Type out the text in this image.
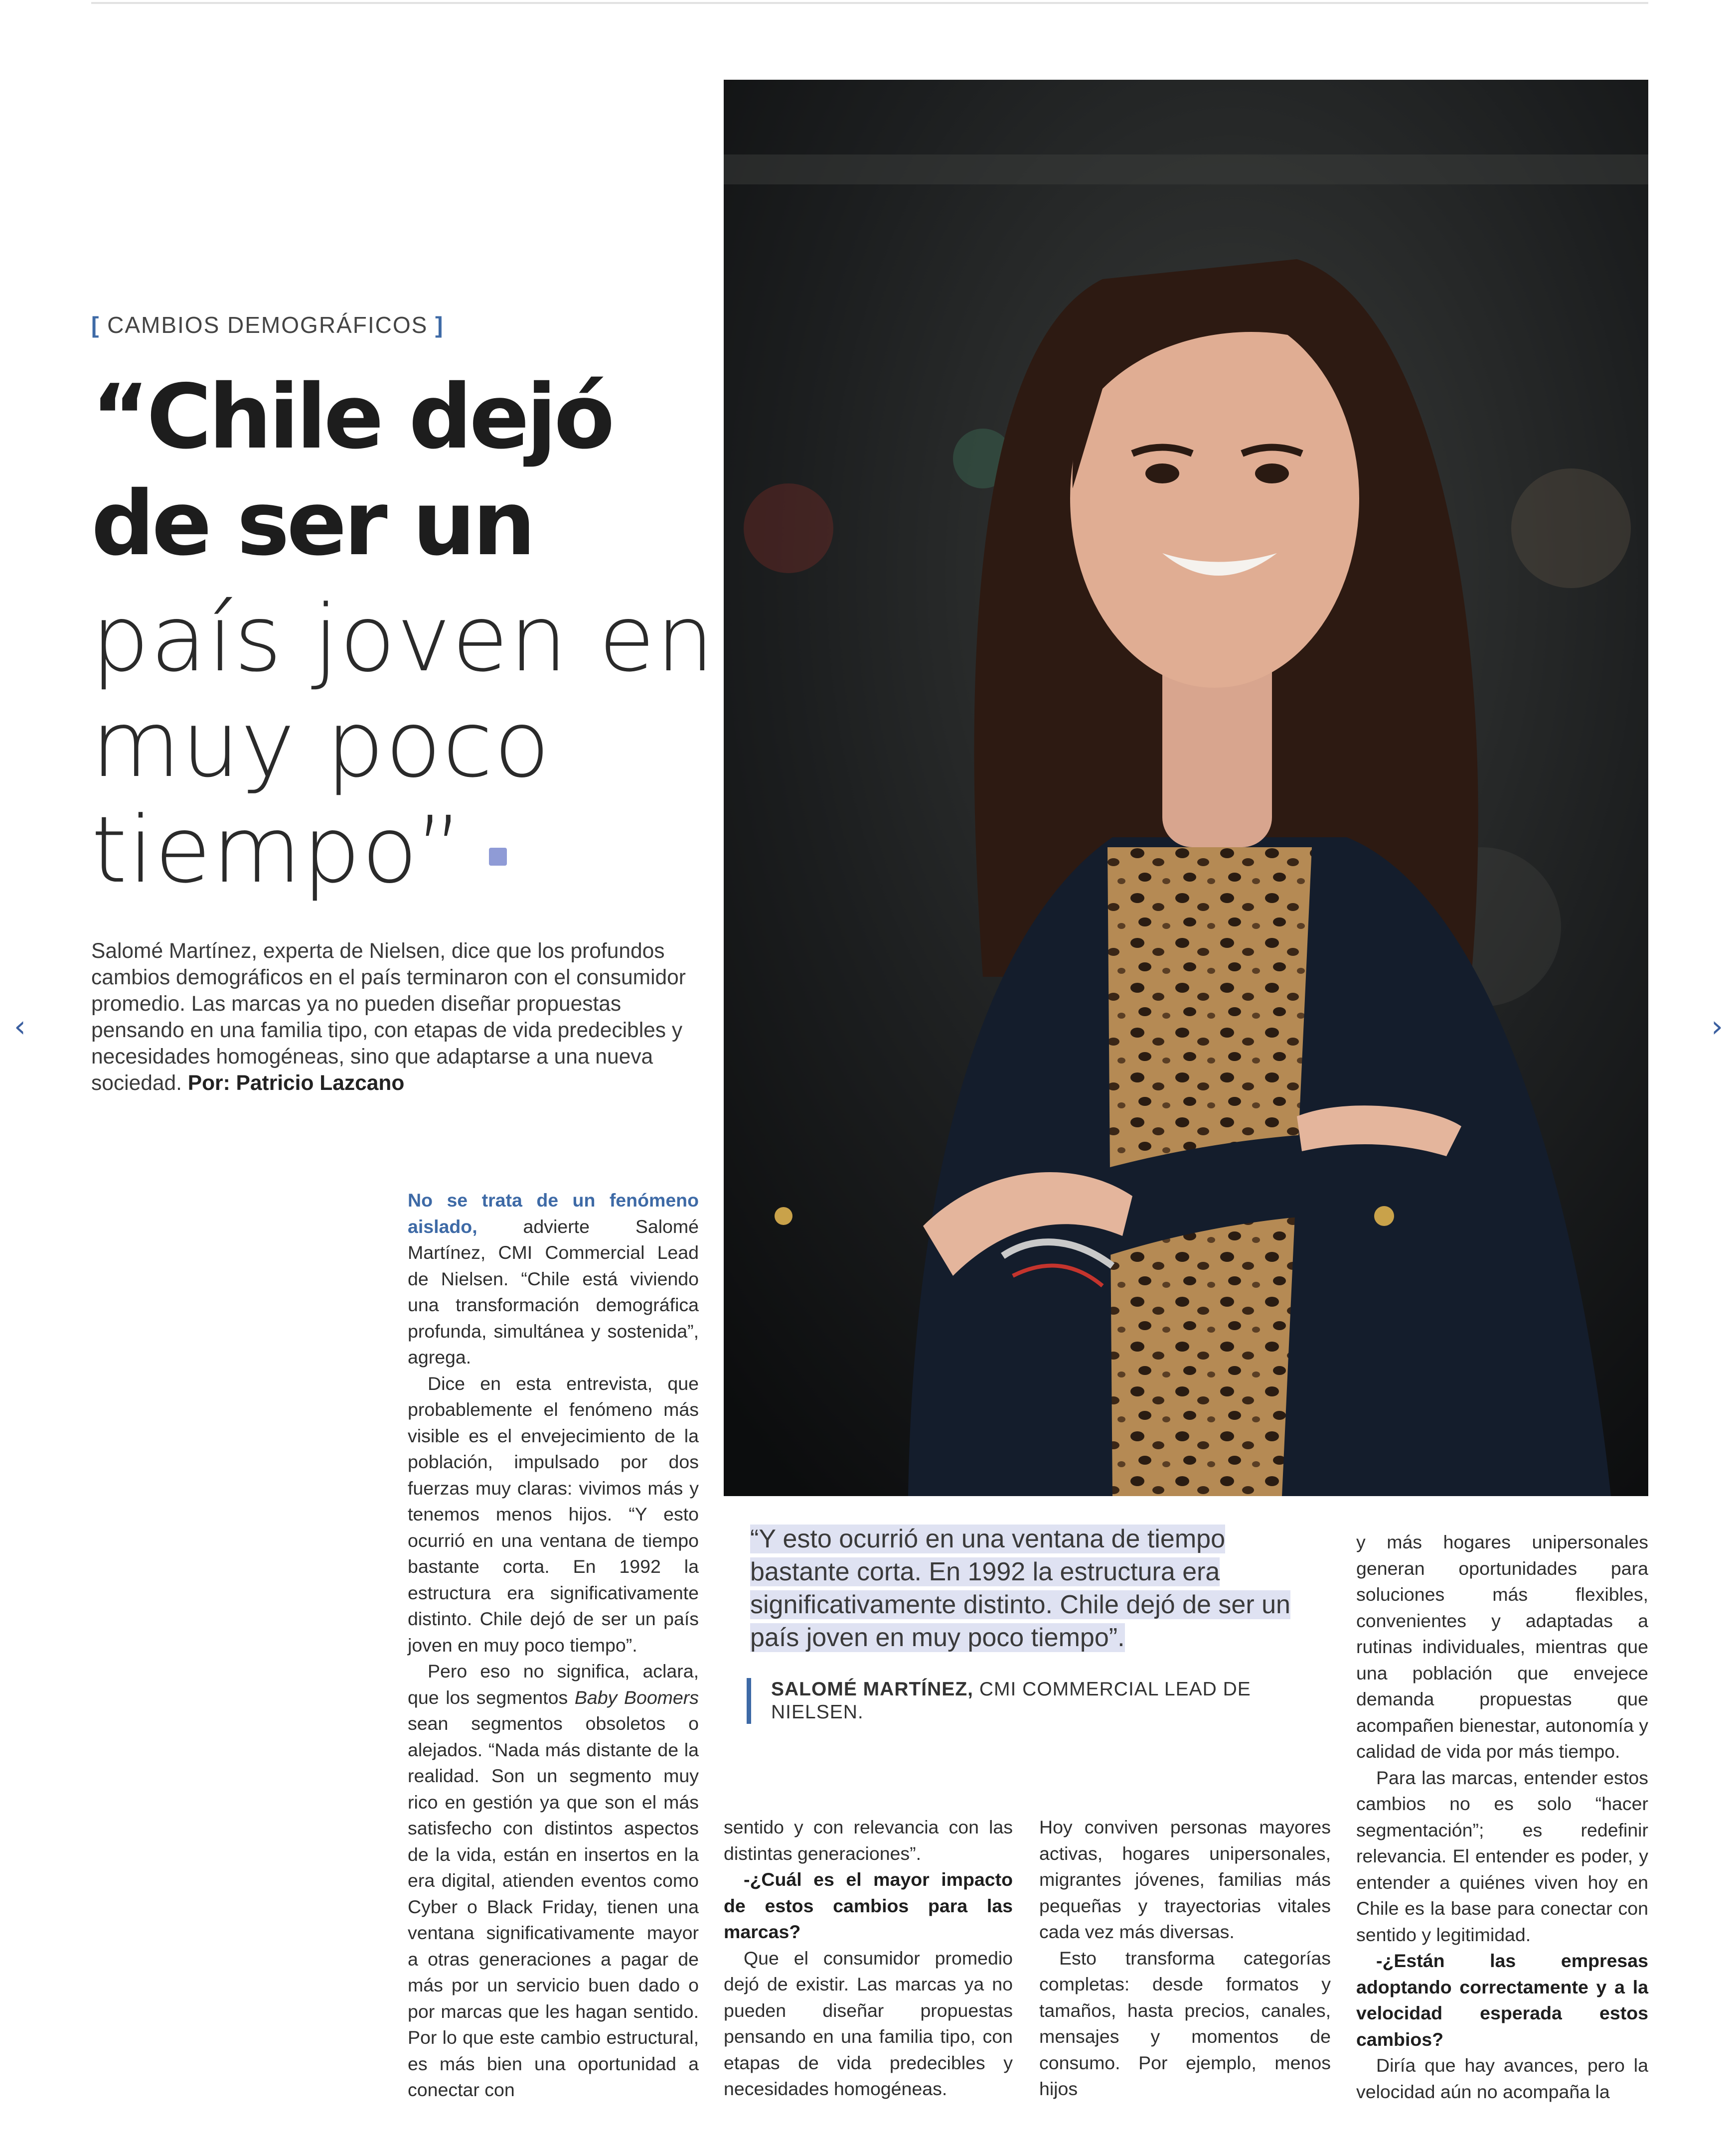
‹	›
[ CAMBIOS DEMOGRÁFICOS ]
“Chile dejó
de ser un
país joven en
muy poco
tiempo”

Salomé Martínez, experta de Nielsen, dice que los profundos cambios demográficos en el país terminaron con el consumidor promedio. Las marcas ya no pueden diseñar propuestas pensando en una familia tipo, con etapas de vida predecibles y necesidades homogéneas, sino que adaptarse a una nueva sociedad. Por: Patricio Lazcano

No se trata de un fenómeno aislado, advierte Salomé Martínez, CMI Commercial Lead de Nielsen. “Chile está viviendo una transformación demográfica profunda, simultánea y sostenida”, agrega.

Dice en esta entrevista, que probablemente el fenómeno más visible es el envejecimiento de la población, impulsado por dos fuerzas muy claras: vivimos más y tenemos menos hijos. “Y esto ocurrió en una ventana de tiempo bastante corta. En 1992 la estructura era significativamente distinto. Chile dejó de ser un país joven en muy poco tiempo”.

Pero eso no significa, aclara, que los segmentos Baby Boomers sean segmentos obsoletos o alejados. “Nada más distante de la realidad. Son un segmento muy rico en gestión ya que son el más satisfecho con distintos aspectos de la vida, están en insertos en la era digital, atienden eventos como Cyber o Black Friday, tienen una ventana significativamente mayor a otras generaciones a pagar de más por un servicio buen dado o por marcas que les hagan sentido. Por lo que este cambio estructural, es más bien una oportunidad a conectar con

“Y esto ocurrió en una ventana de tiempo bastante corta. En 1992 la estructura era significativamente distinto. Chile dejó de ser un país joven en muy poco tiempo”.

SALOMÉ MARTÍNEZ, CMI COMMERCIAL LEAD DE NIELSEN.

sentido y con relevancia con las distintas generaciones”.

-¿Cuál es el mayor impacto de estos cambios para las marcas?

Que el consumidor promedio dejó de existir. Las marcas ya no pueden diseñar propuestas pensando en una familia tipo, con etapas de vida predecibles y necesidades homogéneas.

Hoy conviven personas mayores activas, hogares unipersonales, migrantes jóvenes, familias más pequeñas y trayectorias vitales cada vez más diversas.

Esto transforma categorías completas: desde formatos y tamaños, hasta precios, canales, mensajes y momentos de consumo. Por ejemplo, menos hijos

y más hogares unipersonales generan oportunidades para soluciones más flexibles, convenientes y adaptadas a rutinas individuales, mientras que una población que envejece demanda propuestas que acompañen bienestar, autonomía y calidad de vida por más tiempo.

Para las marcas, entender estos cambios no es solo “hacer segmentación”; es redefinir relevancia. El entender es poder, y entender a quiénes viven hoy en Chile es la base para conectar con sentido y legitimidad.

-¿Están las empresas adoptando correctamente y a la velocidad esperada estos cambios?

Diría que hay avances, pero la velocidad aún no acompaña la
